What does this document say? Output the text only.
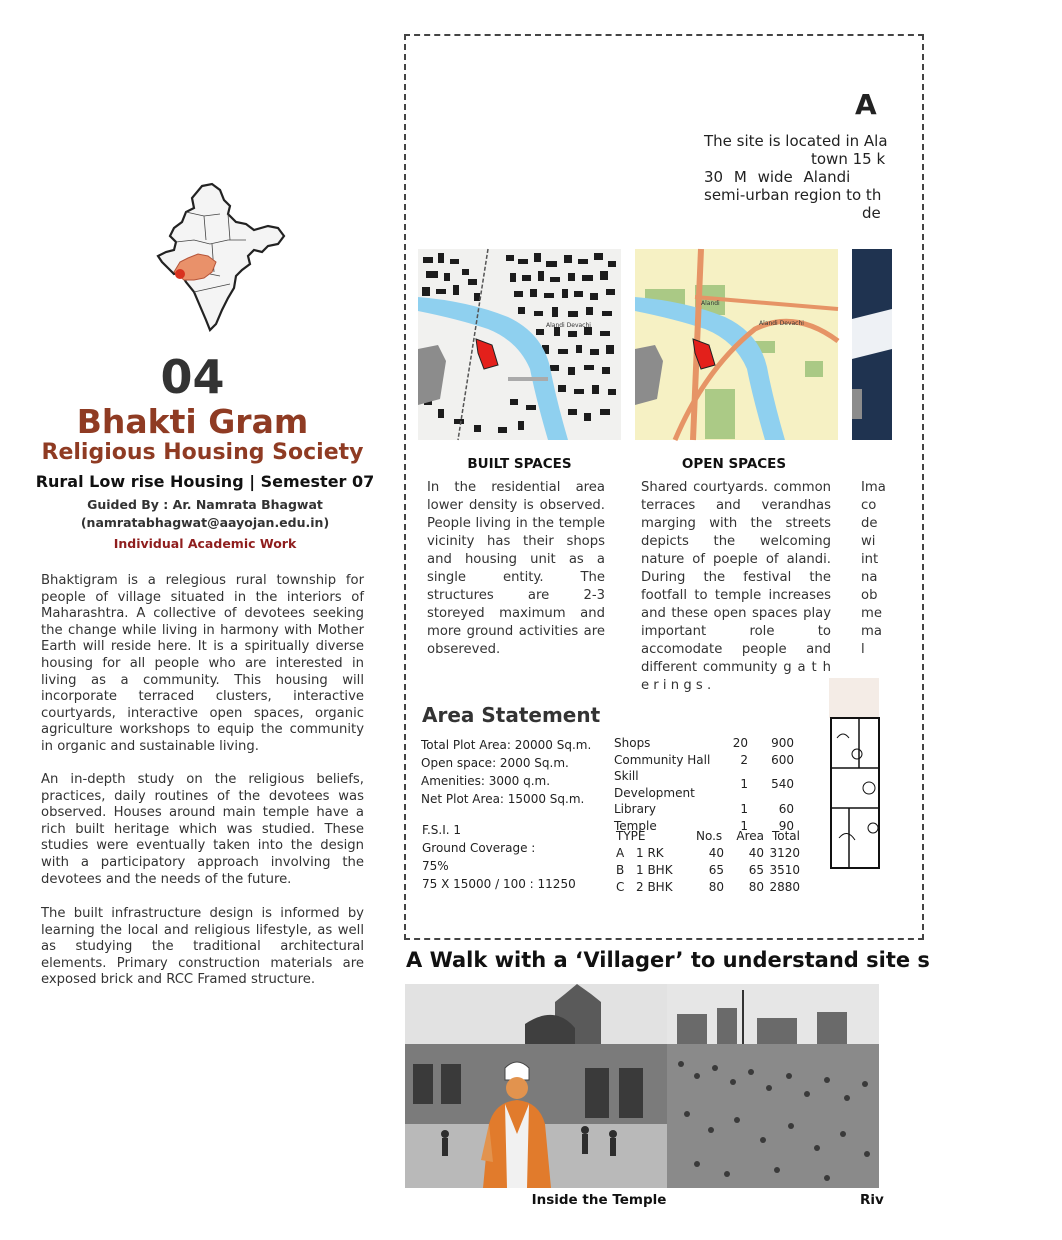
04
Bhakti Gram
Religious Housing Society
Rural Low rise Housing | Semester 07
Guided By : Ar. Namrata Bhagwat
(namratabhagwat@aayojan.edu.in)
Individual Academic Work
Bhaktigram is a relegious rural township for people of village situated in the interiors of Maharashtra. A collective of devotees seeking the change while living in harmony with Mother Earth will reside here. It is a spiritually diverse housing for all people who are interested in living as a community. This housing will incorporate terraced clusters, interactive courtyards, interactive open spaces, organic agriculture workshops to equip the community in organic and sustainable living.
An in-depth study on the religious beliefs, practices, daily routines of the devotees was observed. Houses around main temple have a rich built heritage which was studied. These studies were eventually taken into the design with a participatory approach involving the devotees and the needs of the future.
The built infrastructure design is informed by learning the local and religious lifestyle, as well as studying the traditional architectural elements. Primary construction materials are exposed brick and RCC Framed structure.
A
The site is located in Ala
town 15 k
30 M wide Alandi
semi-urban region to th
de
Alandi Devachi
Alandi
Alandi Devachi
BUILT SPACES	OPEN SPACES
In the residential area lower density is observed. People living in the temple vicinity has their shops and housing unit as a single entity. The structures are 2-3 storeyed maximum and more ground activities are obsereved.
Shared courtyards. common terraces and verandhas marging with the streets depicts the welcoming nature of poeple of alandi. During the festival the footfall to temple increases and these open spaces play important role to accomodate people and different community g a t h e r i n g s .
Ima
co
de
wi
int
na
ob
me
ma
l
Area Statement
Total Plot Area: 20000 Sq.m.
Open space: 2000 Sq.m.
Amenities: 3000 q.m.
Net Plot Area: 15000 Sq.m.
F.S.I. 1
Ground Coverage :
75%
75 X 15000 / 100 : 11250
Shops	20	900
Community Hall	2	600
Skill Development	1	540
Library	1	60
Temple	1	90
TYPE		No.s	Area	Total
A	1 RK	40	40	3120
B	1 BHK	65	65	3510
C	2 BHK	80	80	2880
A Walk with a ‘Villager’ to understand site s
Inside the Temple	Riv
